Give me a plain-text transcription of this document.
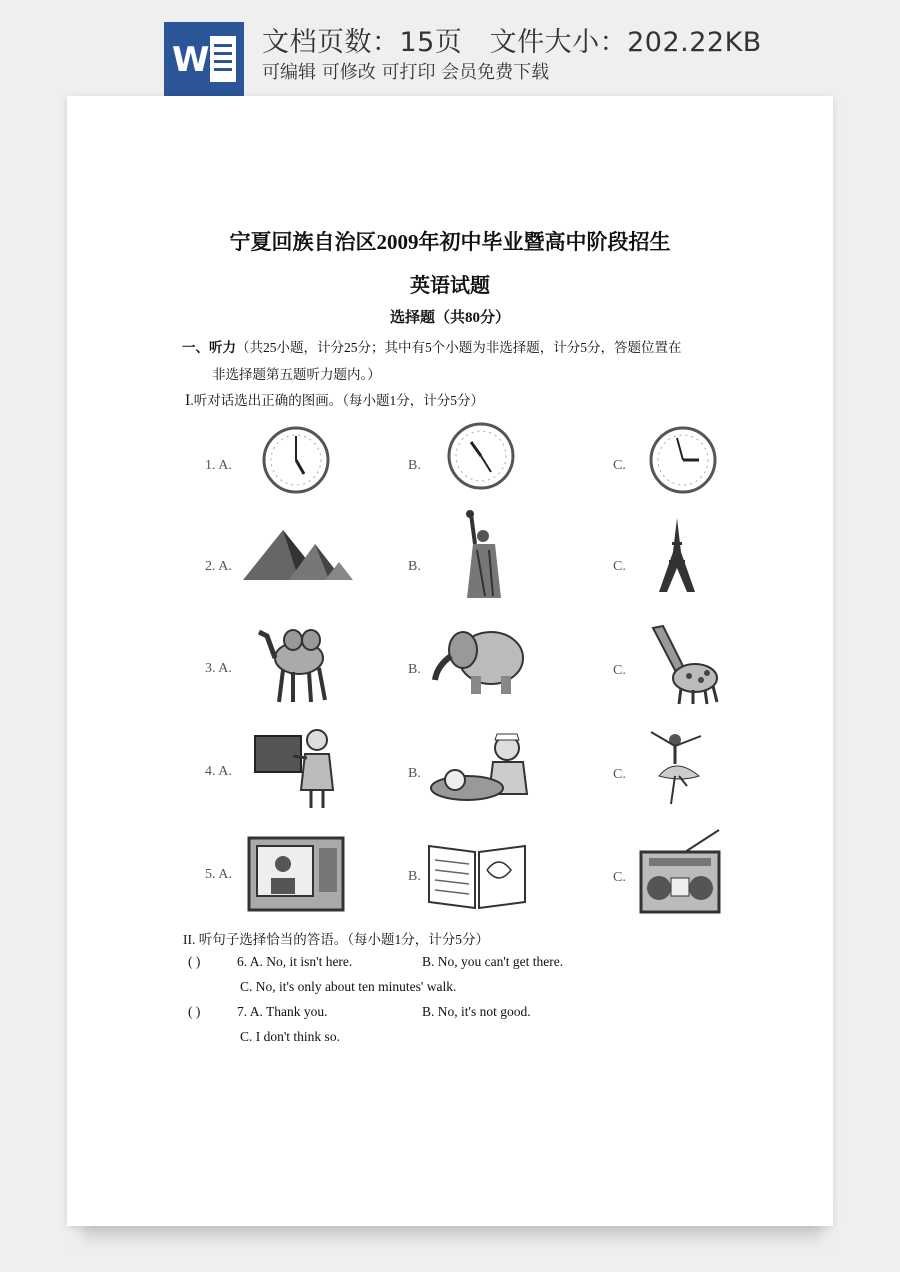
W 文档页数：15页   文件大小：202.22KB
可编辑 可修改 可打印 会员免费下载
宁夏回族自治区2009年初中毕业暨高中阶段招生
英语试题
选择题（共80分）
一、听力（共25小题，计分25分；其中有5个小题为非选择题，计分5分，答题位置在
非选择题第五题听力题内。）
Ⅰ.听对话选出正确的图画。（每小题1分，计分5分）
1. A.	B.	C.
2. A.	B.	C.
3. A.	B.	C.
4. A.	B.	C.
5. A.	B.	C.
II. 听句子选择恰当的答语。（每小题1分，计分5分）
( )	6. A. No, it isn't here.	B. No, you can't get there.
C. No, it's only about ten minutes' walk.
( )	7. A. Thank you.	B. No, it's not good.
C. I don't think so.
